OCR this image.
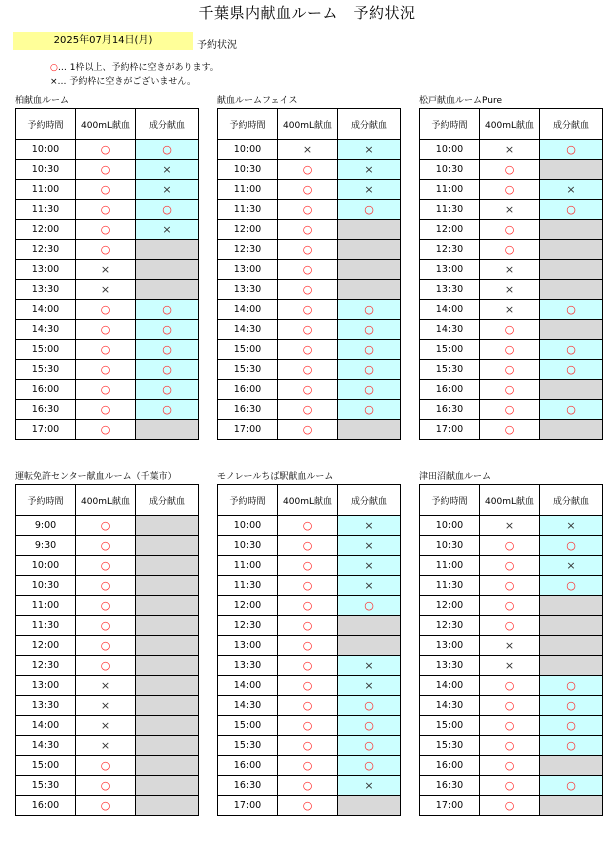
千葉県内献血ルーム　予約状況
2025年07月14日(月)	予約状況
○… 1枠以上、予約枠に空きがあります。
×… 予約枠に空きがございません。
柏献血ルーム
予約時間	400mL献血	成分献血
10:00	○	○
10:30	○	×
11:00	○	×
11:30	○	○
12:00	○	×
12:30	○	
13:00	×	
13:30	×	
14:00	○	○
14:30	○	○
15:00	○	○
15:30	○	○
16:00	○	○
16:30	○	○
17:00	○	
献血ルームフェイス
予約時間	400mL献血	成分献血
10:00	×	×
10:30	○	×
11:00	○	×
11:30	○	○
12:00	○	
12:30	○	
13:00	○	
13:30	○	
14:00	○	○
14:30	○	○
15:00	○	○
15:30	○	○
16:00	○	○
16:30	○	○
17:00	○	
松戸献血ルームPure
予約時間	400mL献血	成分献血
10:00	×	○
10:30	○	
11:00	○	×
11:30	×	○
12:00	○	
12:30	○	
13:00	×	
13:30	×	
14:00	×	○
14:30	○	
15:00	○	○
15:30	○	○
16:00	○	
16:30	○	○
17:00	○	
運転免許センター献血ルーム（千葉市）
予約時間	400mL献血	成分献血
9:00	○	
9:30	○	
10:00	○	
10:30	○	
11:00	○	
11:30	○	
12:00	○	
12:30	○	
13:00	×	
13:30	×	
14:00	×	
14:30	×	
15:00	○	
15:30	○	
16:00	○	
モノレールちば駅献血ルーム
予約時間	400mL献血	成分献血
10:00	○	×
10:30	○	×
11:00	○	×
11:30	○	×
12:00	○	○
12:30	○	
13:00	○	
13:30	○	×
14:00	○	×
14:30	○	○
15:00	○	○
15:30	○	○
16:00	○	○
16:30	○	×
17:00	○	
津田沼献血ルーム
予約時間	400mL献血	成分献血
10:00	×	×
10:30	○	○
11:00	○	×
11:30	○	○
12:00	○	
12:30	○	
13:00	×	
13:30	×	
14:00	○	○
14:30	○	○
15:00	○	○
15:30	○	○
16:00	○	
16:30	○	○
17:00	○	
